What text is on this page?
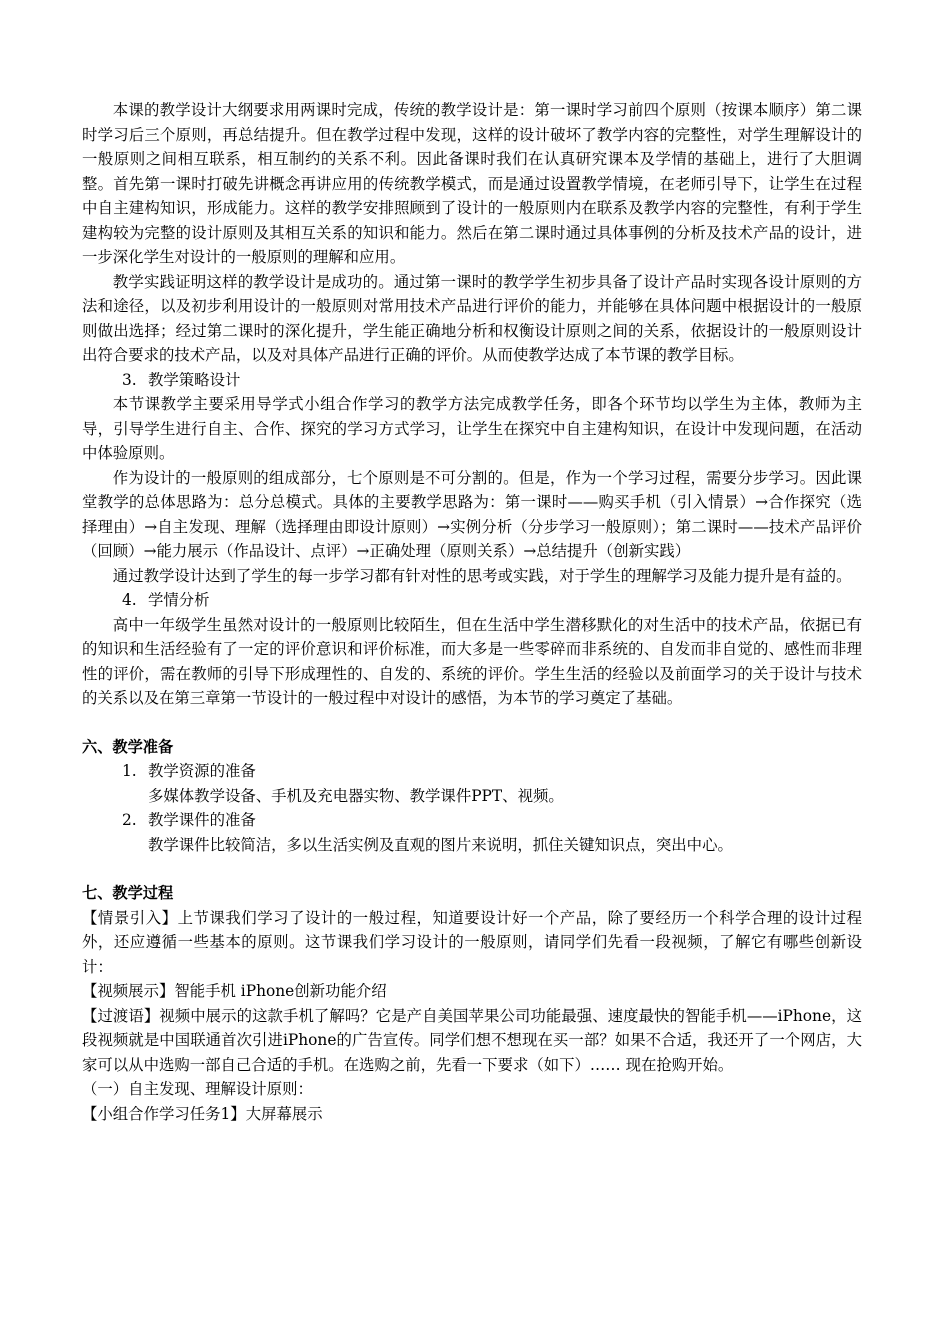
本课的教学设计大纲要求用两课时完成，传统的教学设计是：第一课时学习前四个原则（按课本顺序）第二课时学习后三个原则，再总结提升。但在教学过程中发现，这样的设计破坏了教学内容的完整性，对学生理解设计的一般原则之间相互联系，相互制约的关系不利。因此备课时我们在认真研究课本及学情的基础上，进行了大胆调整。首先第一课时打破先讲概念再讲应用的传统教学模式，而是通过设置教学情境，在老师引导下，让学生在过程中自主建构知识，形成能力。这样的教学安排照顾到了设计的一般原则内在联系及教学内容的完整性，有利于学生建构较为完整的设计原则及其相互关系的知识和能力。然后在第二课时通过具体事例的分析及技术产品的设计，进一步深化学生对设计的一般原则的理解和应用。

教学实践证明这样的教学设计是成功的。通过第一课时的教学学生初步具备了设计产品时实现各设计原则的方法和途径，以及初步利用设计的一般原则对常用技术产品进行评价的能力，并能够在具体问题中根据设计的一般原则做出选择；经过第二课时的深化提升，学生能正确地分析和权衡设计原则之间的关系，依据设计的一般原则设计出符合要求的技术产品，以及对具体产品进行正确的评价。从而使教学达成了本节课的教学目标。

3. 教学策略设计

本节课教学主要采用导学式小组合作学习的教学方法完成教学任务，即各个环节均以学生为主体，教师为主导，引导学生进行自主、合作、探究的学习方式学习，让学生在探究中自主建构知识，在设计中发现问题，在活动中体验原则。

作为设计的一般原则的组成部分，七个原则是不可分割的。但是，作为一个学习过程，需要分步学习。因此课堂教学的总体思路为：总分总模式。具体的主要教学思路为：第一课时——购买手机（引入情景）→合作探究（选择理由）→自主发现、理解（选择理由即设计原则）→实例分析（分步学习一般原则）；第二课时——技术产品评价（回顾）→能力展示（作品设计、点评）→正确处理（原则关系）→总结提升（创新实践）

通过教学设计达到了学生的每一步学习都有针对性的思考或实践，对于学生的理解学习及能力提升是有益的。

4. 学情分析

高中一年级学生虽然对设计的一般原则比较陌生，但在生活中学生潜移默化的对生活中的技术产品，依据已有的知识和生活经验有了一定的评价意识和评价标准，而大多是一些零碎而非系统的、自发而非自觉的、感性而非理性的评价，需在教师的引导下形成理性的、自发的、系统的评价。学生生活的经验以及前面学习的关于设计与技术的关系以及在第三章第一节设计的一般过程中对设计的感悟，为本节的学习奠定了基础。

六、教学准备

1. 教学资源的准备

多媒体教学设备、手机及充电器实物、教学课件PPT、视频。

2. 教学课件的准备

教学课件比较简洁，多以生活实例及直观的图片来说明，抓住关键知识点，突出中心。

七、教学过程

【情景引入】上节课我们学习了设计的一般过程，知道要设计好一个产品，除了要经历一个科学合理的设计过程外，还应遵循一些基本的原则。这节课我们学习设计的一般原则，请同学们先看一段视频，了解它有哪些创新设计：

【视频展示】智能手机 iPhone创新功能介绍

【过渡语】视频中展示的这款手机了解吗？它是产自美国苹果公司功能最强、速度最快的智能手机——iPhone，这段视频就是中国联通首次引进iPhone的广告宣传。同学们想不想现在买一部？如果不合适，我还开了一个网店，大家可以从中选购一部自己合适的手机。在选购之前，先看一下要求（如下）…… 现在抢购开始。

（一）自主发现、理解设计原则：

【小组合作学习任务1】大屏幕展示
